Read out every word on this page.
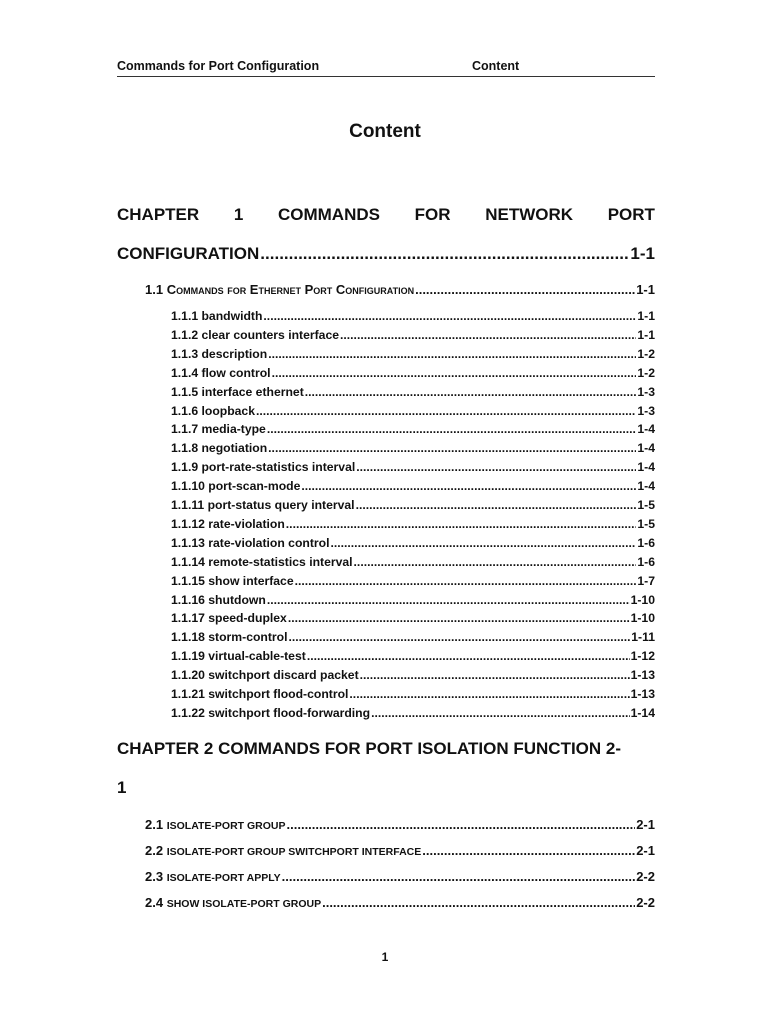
Commands for Port Configuration	Content
Content
CHAPTER 1 COMMANDS FOR NETWORK PORT
CONFIGURATION .....	1-1
1.1 Commands for Ethernet Port Configuration .....	1-1
1.1.1 bandwidth .....	1-1
1.1.2 clear counters interface .....	1-1
1.1.3 description .....	1-2
1.1.4 flow control .....	1-2
1.1.5 interface ethernet .....	1-3
1.1.6 loopback .....	1-3
1.1.7 media-type .....	1-4
1.1.8 negotiation .....	1-4
1.1.9 port-rate-statistics interval .....	1-4
1.1.10 port-scan-mode .....	1-4
1.1.11 port-status query interval .....	1-5
1.1.12 rate-violation .....	1-5
1.1.13 rate-violation control .....	1-6
1.1.14 remote-statistics interval .....	1-6
1.1.15 show interface .....	1-7
1.1.16 shutdown .....	1-10
1.1.17 speed-duplex .....	1-10
1.1.18 storm-control .....	1-11
1.1.19 virtual-cable-test .....	1-12
1.1.20 switchport discard packet .....	1-13
1.1.21 switchport flood-control .....	1-13
1.1.22 switchport flood-forwarding .....	1-14
CHAPTER 2 COMMANDS FOR PORT ISOLATION FUNCTION 2-
1
2.1 ISOLATE-PORT GROUP .....	2-1
2.2 ISOLATE-PORT GROUP SWITCHPORT INTERFACE .....	2-1
2.3 ISOLATE-PORT APPLY .....	2-2
2.4 SHOW ISOLATE-PORT GROUP .....	2-2
1
